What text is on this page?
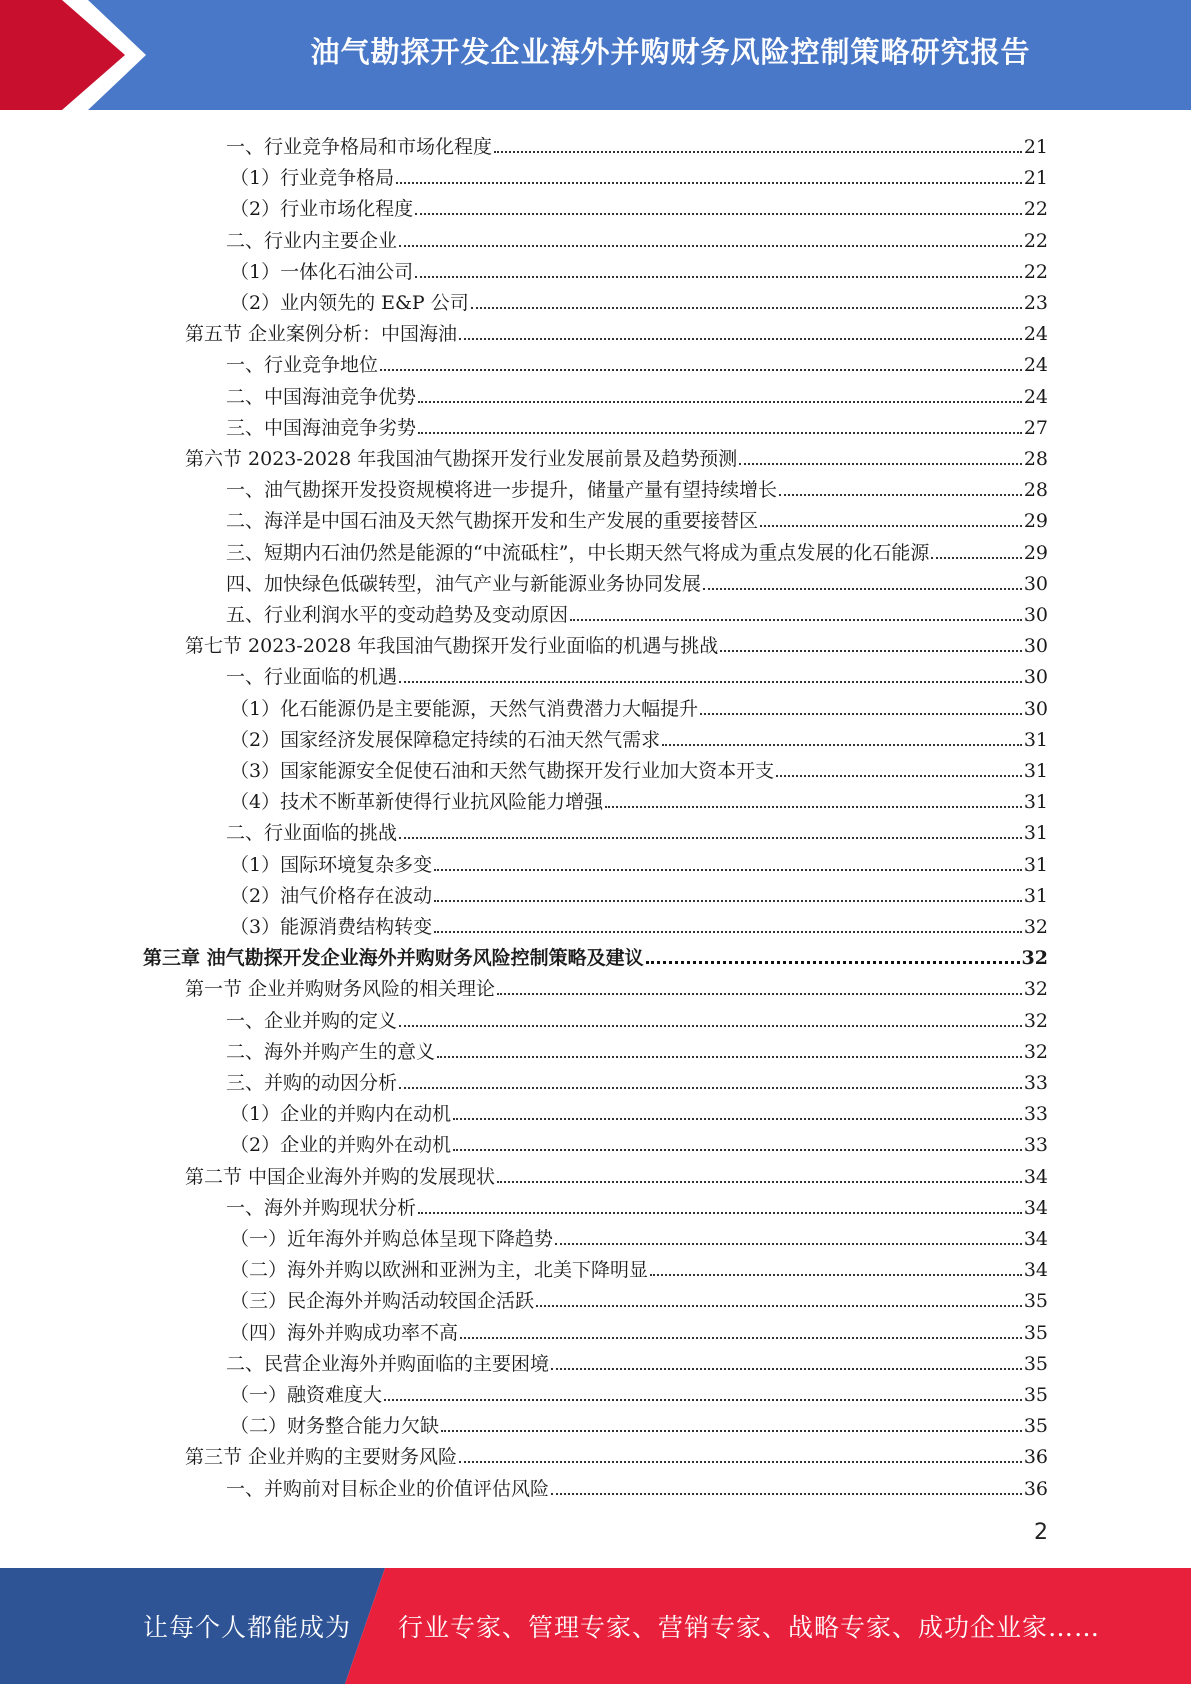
油气勘探开发企业海外并购财务风险控制策略研究报告
一、行业竞争格局和市场化程度	21
（1）行业竞争格局	21
（2）行业市场化程度	22
二、行业内主要企业	22
（1）一体化石油公司	22
（2）业内领先的 E&P 公司	23
第五节 企业案例分析：中国海油	24
一、行业竞争地位	24
二、中国海油竞争优势	24
三、中国海油竞争劣势	27
第六节 2023-2028 年我国油气勘探开发行业发展前景及趋势预测	28
一、油气勘探开发投资规模将进一步提升，储量产量有望持续增长	28
二、海洋是中国石油及天然气勘探开发和生产发展的重要接替区	29
三、短期内石油仍然是能源的“中流砥柱”，中长期天然气将成为重点发展的化石能源	29
四、加快绿色低碳转型，油气产业与新能源业务协同发展	30
五、行业利润水平的变动趋势及变动原因	30
第七节 2023-2028 年我国油气勘探开发行业面临的机遇与挑战	30
一、行业面临的机遇	30
（1）化石能源仍是主要能源，天然气消费潜力大幅提升	30
（2）国家经济发展保障稳定持续的石油天然气需求	31
（3）国家能源安全促使石油和天然气勘探开发行业加大资本开支	31
（4）技术不断革新使得行业抗风险能力增强	31
二、行业面临的挑战	31
（1）国际环境复杂多变	31
（2）油气价格存在波动	31
（3）能源消费结构转变	32
第三章 油气勘探开发企业海外并购财务风险控制策略及建议	32
第一节 企业并购财务风险的相关理论	32
一、企业并购的定义	32
二、海外并购产生的意义	32
三、并购的动因分析	33
（1）企业的并购内在动机	33
（2）企业的并购外在动机	33
第二节 中国企业海外并购的发展现状	34
一、海外并购现状分析	34
（一）近年海外并购总体呈现下降趋势	34
（二）海外并购以欧洲和亚洲为主，北美下降明显	34
（三）民企海外并购活动较国企活跃	35
（四）海外并购成功率不高	35
二、民营企业海外并购面临的主要困境	35
（一）融资难度大	35
（二）财务整合能力欠缺	35
第三节 企业并购的主要财务风险	36
一、并购前对目标企业的价值评估风险	36
2
让每个人都能成为 行业专家、管理专家、营销专家、战略专家、成功企业家……
